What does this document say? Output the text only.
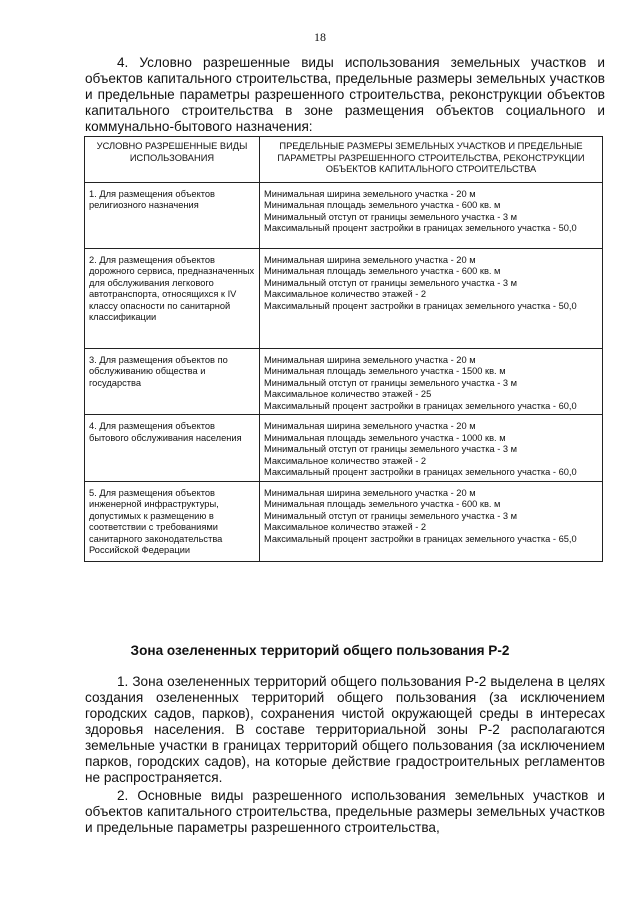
18

4. Условно разрешенные виды использования земельных участков и объектов капитального строительства, предельные размеры земельных участков и предельные параметры разрешенного строительства, реконструкции объектов капитального строительства в зоне размещения объектов социального и коммунально-бытового назначения:

УСЛОВНО РАЗРЕШЕННЫЕ ВИДЫ ИСПОЛЬЗОВАНИЯ	ПРЕДЕЛЬНЫЕ РАЗМЕРЫ ЗЕМЕЛЬНЫХ УЧАСТКОВ И ПРЕДЕЛЬНЫЕ ПАРАМЕТРЫ РАЗРЕШЕННОГО СТРОИТЕЛЬСТВА, РЕКОНСТРУКЦИИ ОБЪЕКТОВ КАПИТАЛЬНОГО СТРОИТЕЛЬСТВА
1. Для размещения объектов религиозного назначения	Минимальная ширина земельного участка - 20 м
Минимальная площадь земельного участка - 600 кв. м
Минимальный отступ от границы земельного участка - 3 м
Максимальный процент застройки в границах земельного участка - 50,0

2. Для размещения объектов дорожного сервиса, предназначенных для обслуживания легкового автотранспорта, относящихся к IV классу опасности по санитарной классификации	Минимальная ширина земельного участка - 20 м
Минимальная площадь земельного участка - 600 кв. м
Минимальный отступ от границы земельного участка - 3 м
Максимальное количество этажей - 2
Максимальный процент застройки в границах земельного участка - 50,0

3. Для размещения объектов по обслуживанию общества и государства	Минимальная ширина земельного участка - 20 м
Минимальная площадь земельного участка - 1500 кв. м
Минимальный отступ от границы земельного участка - 3 м
Максимальное количество этажей - 25
Максимальный процент застройки в границах земельного участка - 60,0

4. Для размещения объектов бытового обслуживания населения	Минимальная ширина земельного участка - 20 м
Минимальная площадь земельного участка - 1000 кв. м
Минимальный отступ от границы земельного участка - 3 м
Максимальное количество этажей - 2
Максимальный процент застройки в границах земельного участка - 60,0

5. Для размещения объектов инженерной инфраструктуры, допустимых к размещению в соответствии с требованиями санитарного законодательства Российской Федерации	Минимальная ширина земельного участка - 20 м
Минимальная площадь земельного участка - 600 кв. м
Минимальный отступ от границы земельного участка - 3 м
Максимальное количество этажей - 2
Максимальный процент застройки в границах земельного участка - 65,0
Зона озелененных территорий общего пользования Р-2

1. Зона озелененных территорий общего пользования Р-2 выделена в целях создания озелененных территорий общего пользования (за исключением городских садов, парков), сохранения чистой окружающей среды в интересах здоровья населения. В составе территориальной зоны Р-2 располагаются земельные участки в границах территорий общего пользования (за исключением парков, городских садов), на которые действие градостроительных регламентов не распространяется.

2. Основные виды разрешенного использования земельных участков и объектов капитального строительства, предельные размеры земельных участков и предельные параметры разрешенного строительства,
